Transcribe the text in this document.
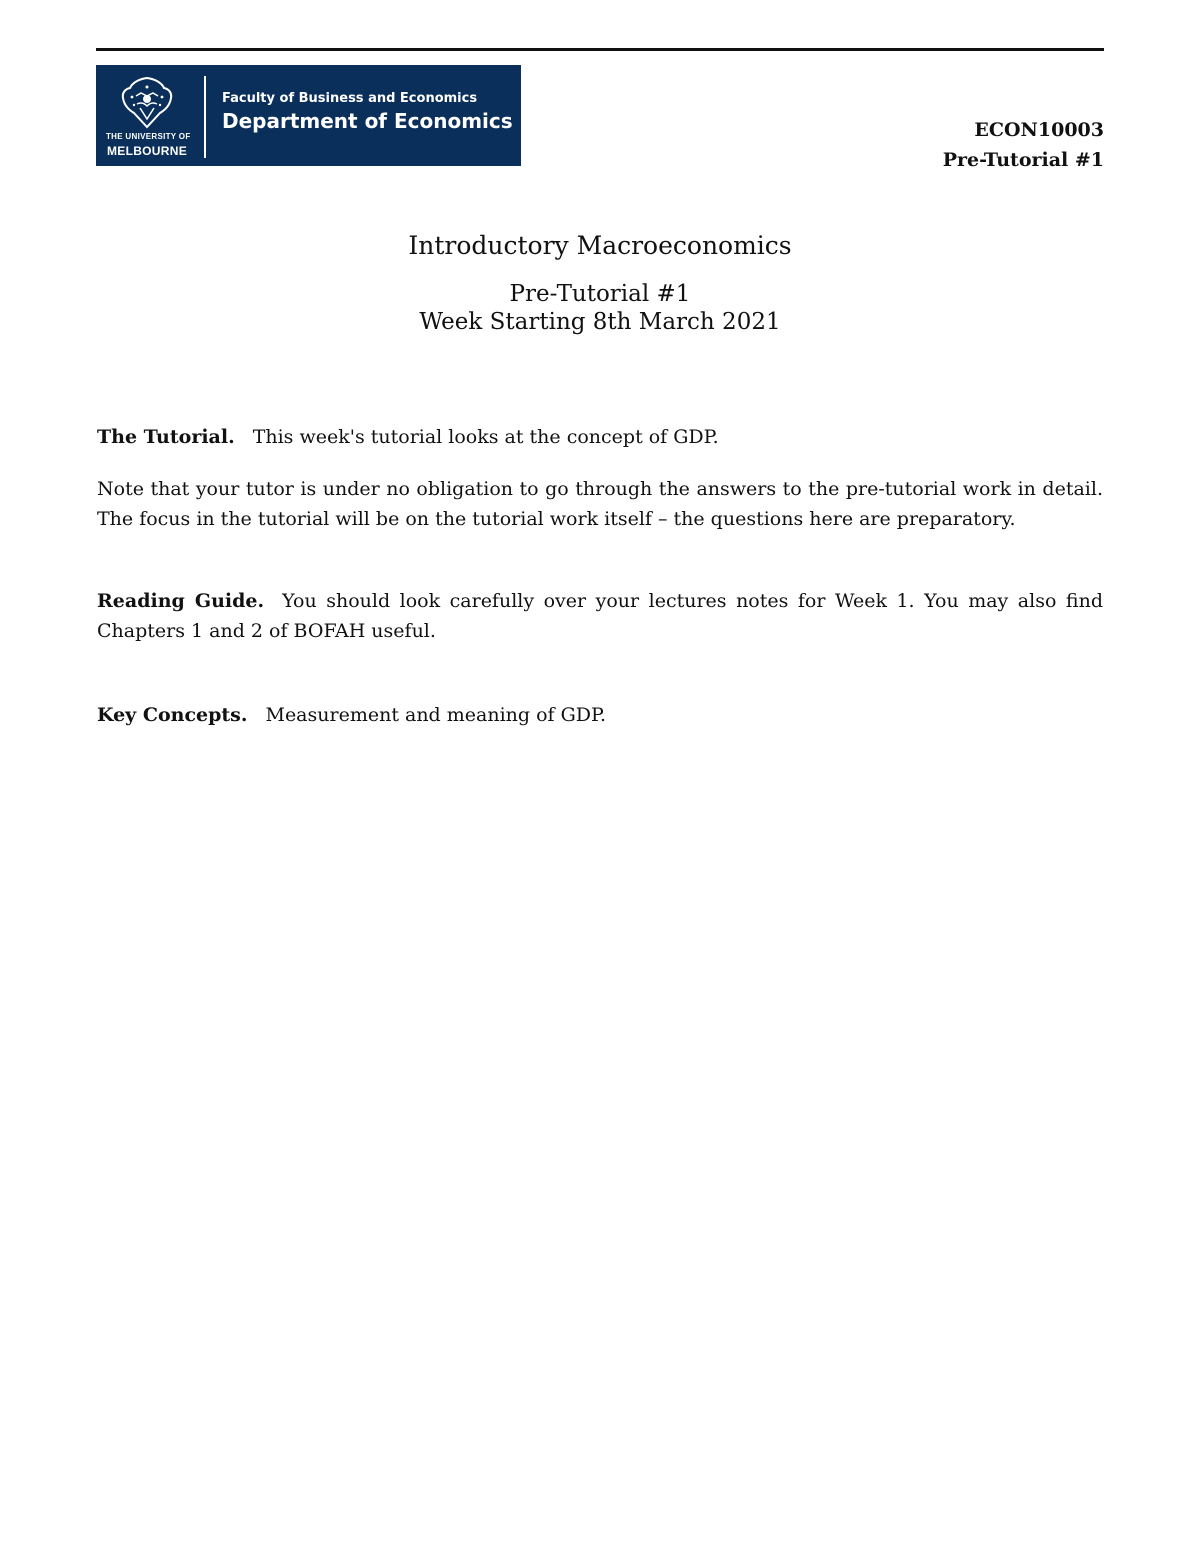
THE UNIVERSITY OF
MELBOURNE
Faculty of Business and Economics
Department of Economics	ECON10003
Pre-Tutorial #1
Introductory Macroeconomics
Pre-Tutorial #1
Week Starting 8th March 2021

The Tutorial. This week's tutorial looks at the concept of GDP.

Note that your tutor is under no obligation to go through the answers to the pre-tutorial work in detail. The focus in the tutorial will be on the tutorial work itself – the questions here are preparatory.

Reading Guide. You should look carefully over your lectures notes for Week 1. You may also find Chapters 1 and 2 of BOFAH useful.

Key Concepts. Measurement and meaning of GDP.
